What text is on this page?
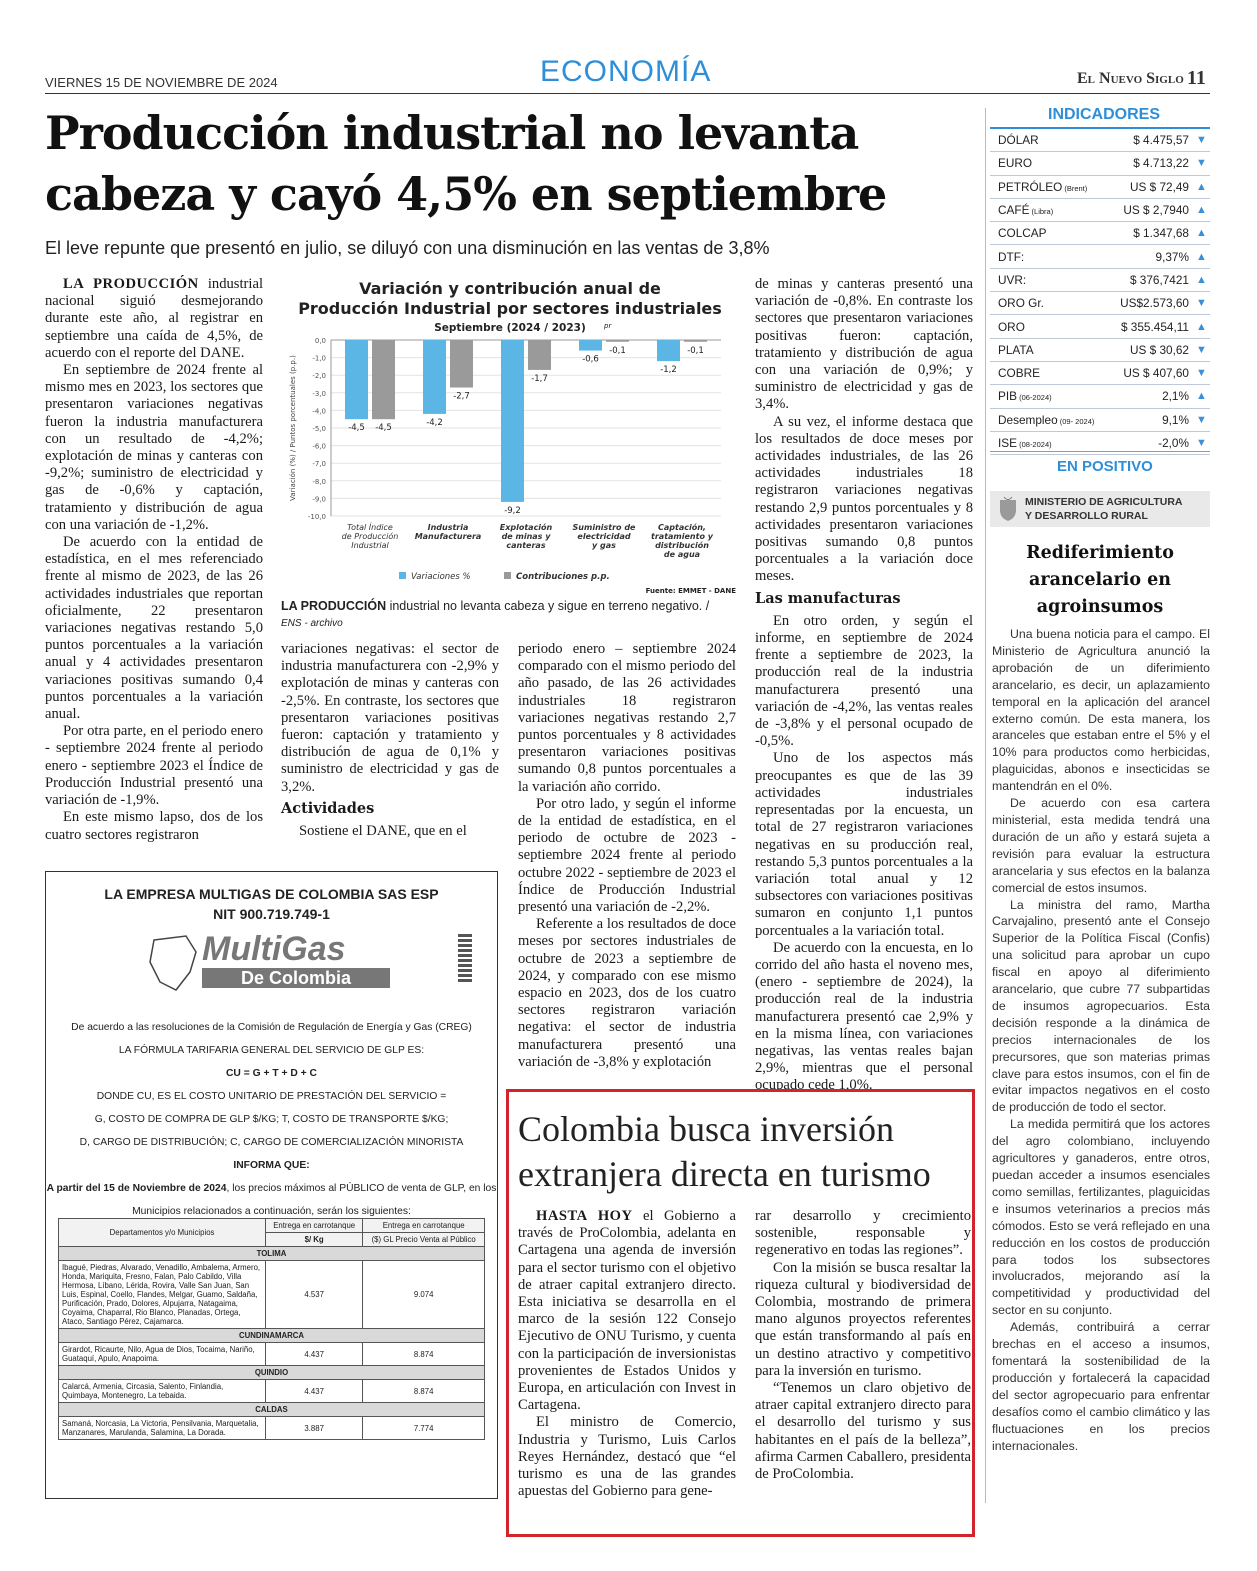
VIERNES 15 DE NOVIEMBRE DE 2024	ECONOMÍA	El Nuevo Siglo 11
Producción industrial no levanta
cabeza y cayó 4,5% en septiembre
El leve repunte que presentó en julio, se diluyó con una disminución en las ventas de 3,8%

LA PRODUCCIÓN industrial nacional siguió desmejorando durante este año, al registrar en septiembre una caída de 4,5%, de acuerdo con el reporte del DANE.

En septiembre de 2024 frente al mismo mes en 2023, los sectores que presentaron variaciones negativas fueron la industria manufacturera con un resultado de -4,2%; explotación de minas y canteras con -9,2%; suministro de electricidad y gas de -0,6% y captación, tratamiento y distribución de agua con una variación de -1,2%.

De acuerdo con la entidad de estadística, en el mes referenciado frente al mismo de 2023, de las 26 actividades industriales que reportan oficialmente, 22 presentaron variaciones negativas restando 5,0 puntos porcentuales a la variación anual y 4 actividades presentaron variaciones positivas sumando 0,4 puntos porcentuales a la variación anual.

Por otra parte, en el periodo enero - septiembre 2024 frente al periodo enero - septiembre 2023 el Índice de Producción Industrial presentó una variación de -1,9%.

En este mismo lapso, dos de los cuatro sectores registraron

Variación y contribución anual de
Producción Industrial por sectores industriales
Septiembre (2024 / 2023)	pr
Variación (%) / Puntos porcentuales (p.p.)
0,0
-1,0
-2,0
-3,0
-4,0
-5,0
-6,0
-7,0
-8,0
-9,0
-10,0
-4,5 -4,5
Total Índice
de Producción
Industrial
-4,2
-2,7
Industria
Manufacturera
-9,2
-1,7
Explotación
de minas y
canteras
-0,6
-0,1
Suministro de
electricidad
y gas
-1,2
-0,1
Captación,
tratamiento y
distribución
de agua
Variaciones %	Contribuciones p.p.
Fuente: EMMET - DANE
LA PRODUCCIÓN industrial no levanta cabeza y sigue en terreno negativo. /
ENS - archivo

variaciones negativas: el sector de industria manufacturera con -2,9% y explotación de minas y canteras con -2,5%. En contraste, los sectores que presentaron variaciones positivas fueron: captación y tratamiento y distribución de agua de 0,1% y suministro de electricidad y gas de 3,2%.

Actividades

Sostiene el DANE, que en el

periodo enero – septiembre 2024 comparado con el mismo periodo del año pasado, de las 26 actividades industriales 18 registraron variaciones negativas restando 2,7 puntos porcentuales y 8 actividades presentaron variaciones positivas sumando 0,8 puntos porcentuales a la variación año corrido.

Por otro lado, y según el informe de la entidad de estadística, en el periodo de octubre de 2023 - septiembre 2024 frente al periodo octubre 2022 - septiembre de 2023 el Índice de Producción Industrial presentó una variación de -2,2%.

Referente a los resultados de doce meses por sectores industriales de octubre de 2023 a septiembre de 2024, y comparado con ese mismo espacio en 2023, dos de los cuatro sectores registraron variación negativa: el sector de industria manufacturera presentó una variación de -3,8% y explotación

de minas y canteras presentó una variación de -0,8%. En contraste los sectores que presentaron variaciones positivas fueron: captación, tratamiento y distribución de agua con una variación de 0,9%; y suministro de electricidad y gas de 3,4%.

A su vez, el informe destaca que los resultados de doce meses por actividades industriales, de las 26 actividades industriales 18 registraron variaciones negativas restando 2,9 puntos porcentuales y 8 actividades presentaron variaciones positivas sumando 0,8 puntos porcentuales a la variación doce meses.

Las manufacturas

En otro orden, y según el informe, en septiembre de 2024 frente a septiembre de 2023, la producción real de la industria manufacturera presentó una variación de -4,2%, las ventas reales de -3,8% y el personal ocupado de -0,5%.

Uno de los aspectos más preocupantes es que de las 39 actividades industriales representadas por la encuesta, un total de 27 registraron variaciones negativas en su producción real, restando 5,3 puntos porcentuales a la variación total anual y 12 subsectores con variaciones positivas sumaron en conjunto 1,1 puntos porcentuales a la variación total.

De acuerdo con la encuesta, en lo corrido del año hasta el noveno mes, (enero - septiembre de 2024), la producción real de la industria manufacturera presentó cae 2,9% y en la misma línea, con variaciones negativas, las ventas reales bajan 2,9%, mientras que el personal ocupado cede 1,0%.

INDICADORES
DÓLAR	$ 4.475,57 ▼
EURO	$ 4.713,22 ▼
PETRÓLEO (Brent)	US $ 72,49 ▲
CAFÉ (Libra)	US $ 2,7940 ▲
COLCAP	$ 1.347,68 ▲
DTF:	9,37% ▲
UVR:	$ 376,7421 ▲
ORO Gr.	US$2.573,60 ▼
ORO	$ 355.454,11 ▲
PLATA	US $ 30,62 ▼
COBRE	US $ 407,60 ▼
PIB (06-2024)	2,1% ▲
Desempleo (09- 2024)	9,1% ▼
ISE (08-2024)	-2,0% ▼
EN POSITIVO
MINISTERIO DE AGRICULTURA
Y DESARROLLO RURAL
Rediferimiento arancelario en agroinsumos

Una buena noticia para el campo. El Ministerio de Agricultura anunció la aprobación de un diferimiento arancelario, es decir, un aplazamiento temporal en la aplicación del arancel externo común. De esta manera, los aranceles que estaban entre el 5% y el 10% para productos como herbicidas, plaguicidas, abonos e insecticidas se mantendrán en el 0%.

De acuerdo con esa cartera ministerial, esta medida tendrá una duración de un año y estará sujeta a revisión para evaluar la estructura arancelaria y sus efectos en la balanza comercial de estos insumos.

La ministra del ramo, Martha Carvajalino, presentó ante el Consejo Superior de la Política Fiscal (Confis) una solicitud para aprobar un cupo fiscal en apoyo al diferimiento arancelario, que cubre 77 subpartidas de insumos agropecuarios. Esta decisión responde a la dinámica de precios internacionales de los precursores, que son materias primas clave para estos insumos, con el fin de evitar impactos negativos en el costo de producción de todo el sector.

La medida permitirá que los actores del agro colombiano, incluyendo agricultores y ganaderos, entre otros, puedan acceder a insumos esenciales como semillas, fertilizantes, plaguicidas e insumos veterinarios a precios más cómodos. Esto se verá reflejado en una reducción en los costos de producción para todos los subsectores involucrados, mejorando así la competitividad y productividad del sector en su conjunto.

Además, contribuirá a cerrar brechas en el acceso a insumos, fomentará la sostenibilidad de la producción y fortalecerá la capacidad del sector agropecuario para enfrentar desafíos como el cambio climático y las fluctuaciones en los precios internacionales.

LA EMPRESA MULTIGAS DE COLOMBIA SAS ESP
NIT 900.719.749-1
MultiGas
De Colombia
De acuerdo a las resoluciones de la Comisión de Regulación de Energía y Gas (CREG)
LA FÓRMULA TARIFARIA GENERAL DEL SERVICIO DE GLP ES:
CU = G + T + D + C
DONDE CU, ES EL COSTO UNITARIO DE PRESTACIÓN DEL SERVICIO =
G, COSTO DE COMPRA DE GLP $/KG; T, COSTO DE TRANSPORTE $/KG;
D, CARGO DE DISTRIBUCIÓN; C, CARGO DE COMERCIALIZACIÓN MINORISTA
INFORMA QUE:
A partir del 15 de Noviembre de 2024, los precios máximos al PÚBLICO de venta de GLP, en los
Municipios relacionados a continuación, serán los siguientes:
Departamentos y/o Municipios	Entrega en carrotanque	Entrega en carrotanque
	$/ Kg	($) GL Precio Venta al Público
TOLIMA		
Ibagué, Piedras, Alvarado, Venadillo, Ambalema, Armero, Honda, Mariquita, Fresno, Falan, Palo Cabildo, Villa Hermosa, Líbano, Lérida, Rovira, Valle San Juan, San Luis, Espinal, Coello, Flandes, Melgar, Guamo, Saldaña, Purificación, Prado, Dolores, Alpujarra, Natagaima, Coyaima, Chaparral, Rio Blanco, Planadas, Ortega, Ataco, Santiago Pérez, Cajamarca.	4.537	9.074
CUNDINAMARCA		
Girardot, Ricaurte, Nilo, Agua de Dios, Tocaima, Nariño, Guataquí, Apulo, Anapoima.	4.437	8.874
QUINDIO		
Calarcá, Armenia, Circasia, Salento, Finlandia, Quimbaya, Montenegro, La tebaida.	4.437	8.874
CALDAS		
Samaná, Norcasia, La Victoria, Pensilvania, Marquetalia, Manzanares, Marulanda, Salamina, La Dorada.	3.887	7.774
Colombia busca inversión
extranjera directa en turismo

HASTA HOY el Gobierno a través de ProColombia, adelanta en Cartagena una agenda de inversión para el sector turismo con el objetivo de atraer capital extranjero directo. Esta iniciativa se desarrolla en el marco de la sesión 122 Consejo Ejecutivo de ONU Turismo, y cuenta con la participación de inversionistas provenientes de Estados Unidos y Europa, en articulación con Invest in Cartagena.

El ministro de Comercio, Industria y Turismo, Luis Carlos Reyes Hernández, destacó que “el turismo es una de las grandes apuestas del Gobierno para gene-

rar desarrollo y crecimiento sostenible, responsable y regenerativo en todas las regiones”.

Con la misión se busca resaltar la riqueza cultural y biodiversidad de Colombia, mostrando de primera mano algunos proyectos referentes que están transformando al país en un destino atractivo y competitivo para la inversión en turismo.

“Tenemos un claro objetivo de atraer capital extranjero directo para el desarrollo del turismo y sus habitantes en el país de la belleza”, afirma Carmen Caballero, presidenta de ProColombia.
